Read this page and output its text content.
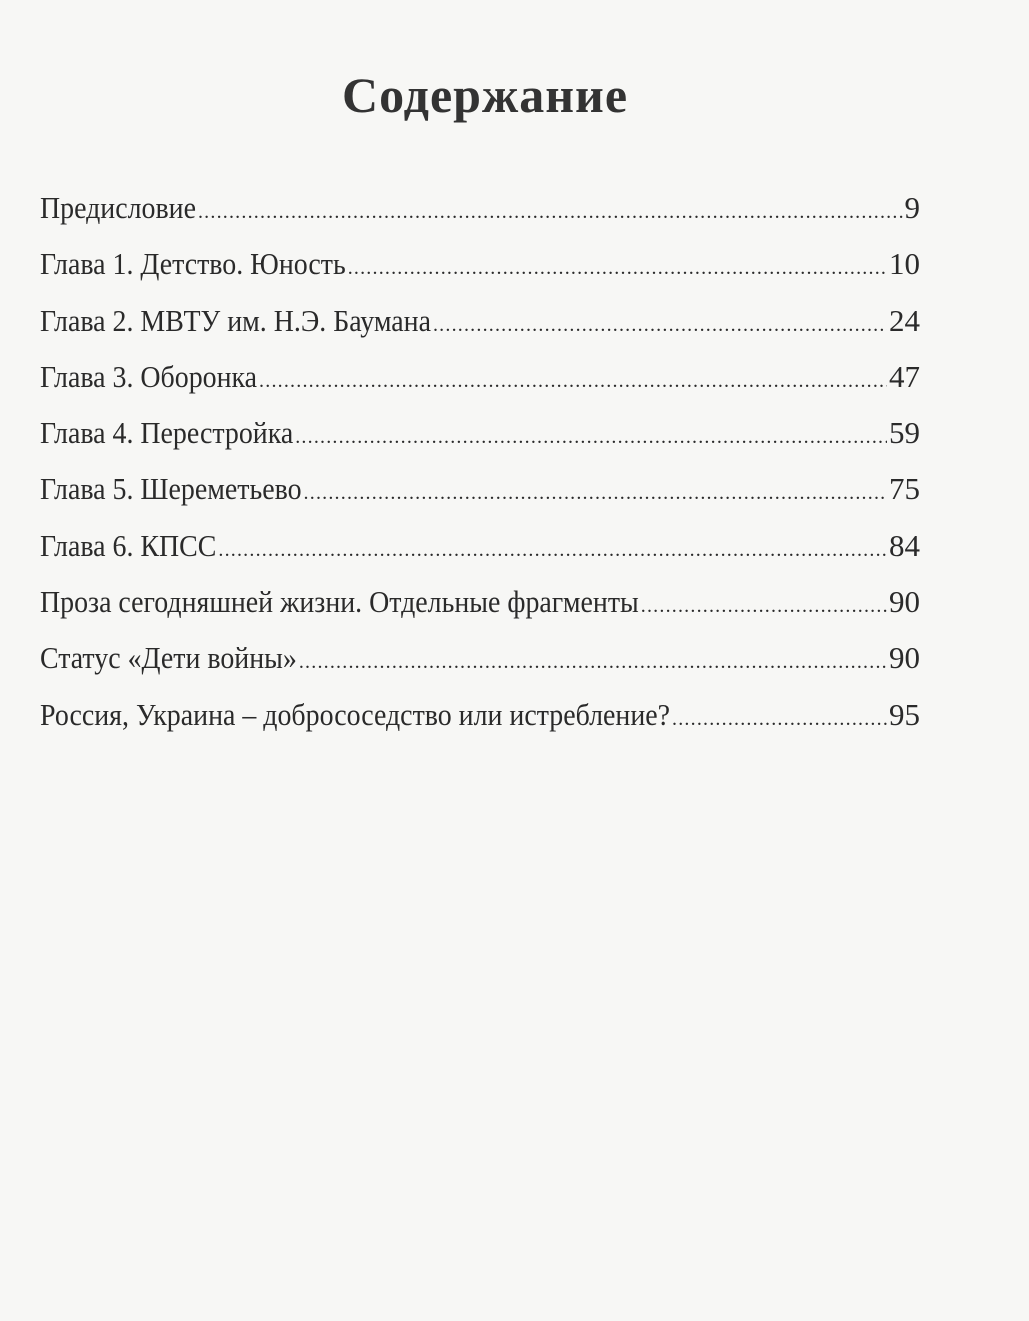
Содержание
Предисловие .....	9
Глава 1. Детство. Юность .....	10
Глава 2. МВТУ им. Н.Э. Баумана .....	24
Глава 3. Оборонка .....	47
Глава 4. Перестройка .....	59
Глава 5. Шереметьево .....	75
Глава 6. КПСС .....	84
Проза сегодняшней жизни. Отдельные фрагменты .....	90
Статус «Дети войны» .....	90
Россия, Украина – добрососедство или истребление? .....	95
